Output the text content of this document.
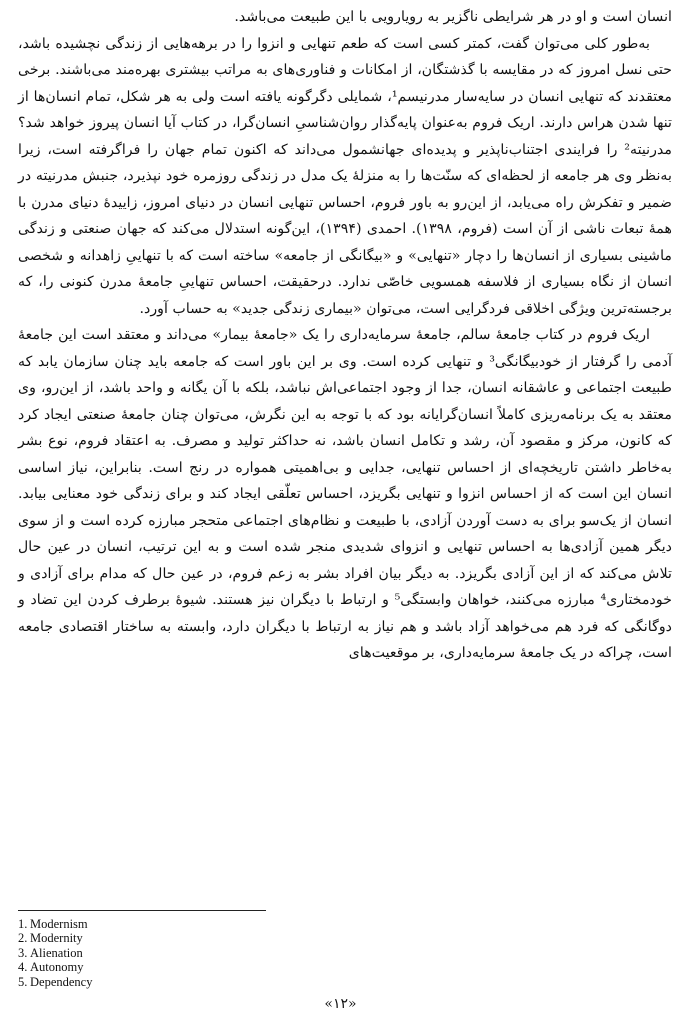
انسان است و او در هر شرایطی ناگزیر به رویارویی با این طبیعت می‌باشد.

به‌طور کلی می‌توان گفت، کمتر کسی است که طعم تنهایی و انزوا را در برهه‌هایی از زندگی نچشیده باشد، حتی نسل امروز که در مقایسه با گذشتگان، از امکانات و فناوری‌های به مراتب بیشتری بهره‌مند می‌باشند. برخی معتقدند که تنهایی انسان در سایه‌سار مدرنیسم¹، شمایلی دگرگونه یافته است ولی به هر شکل، تمام انسان‌ها از تنها شدن هراس دارند. اریک فروم به‌عنوان پایه‌گذار روان‌شناسیِ انسان‌گرا، در کتاب آیا انسان پیروز خواهد شد؟ مدرنیته² را فرایندی اجتناب‌ناپذیر و پدیده‌ای جهانشمول می‌داند که اکنون تمام جهان را فراگرفته است، زیرا به‌نظر وی هر جامعه از لحظه‌ای که سنّت‌ها را به منزلهٔ یک مدل در زندگی روزمره خود نپذیرد، جنبش مدرنیته در ضمیر و تفکرش راه می‌یابد، از این‌رو به باور فروم، احساس تنهایی انسان در دنیای امروز، زاییدهٔ دنیای مدرن با همهٔ تبعات ناشی از آن است (فروم، ۱۳۹۸). احمدی (۱۳۹۴)، این‌گونه استدلال می‌کند که جهان صنعتی و زندگی ماشینی بسیاری از انسان‌ها را دچار «تنهایی» و «بیگانگی از جامعه» ساخته است که با تنهاییِ زاهدانه و شخصی انسان از نگاه بسیاری از فلاسفه همسویی خاصّی ندارد. درحقیقت، احساس تنهاییِ جامعهٔ مدرن کنونی را، که برجسته‌ترین ویژگی اخلاقی فردگرایی است، می‌توان «بیماری زندگی جدید» به حساب آورد.

اریک فروم در کتاب جامعهٔ سالم، جامعهٔ سرمایه‌داری را یک «جامعهٔ بیمار» می‌داند و معتقد است این جامعهٔ آدمی را گرفتار از خودبیگانگی³ و تنهایی کرده است. وی بر این باور است که جامعه باید چنان سازمان یابد که طبیعت اجتماعی و عاشقانه انسان، جدا از وجود اجتماعی‌اش نباشد، بلکه با آن یگانه و واحد باشد، از این‌رو، وی معتقد به یک برنامه‌ریزی کاملاً انسان‌گرایانه بود که با توجه به این نگرش، می‌توان چنان جامعهٔ صنعتی ایجاد کرد که کانون، مرکز و مقصود آن، رشد و تکامل انسان باشد، نه حداکثر تولید و مصرف. به اعتقاد فروم، نوع بشر به‌خاطر داشتن تاریخچه‌ای از احساس تنهایی، جدایی و بی‌اهمیتی همواره در رنج است. بنابراین، نیاز اساسی انسان این است که از احساس انزوا و تنهایی بگریزد، احساس تعلّقی ایجاد کند و برای زندگی خود معنایی بیابد. انسان از یک‌سو برای به دست آوردن آزادی، با طبیعت و نظام‌های اجتماعی متحجر مبارزه کرده است و از سوی دیگر همین آزادی‌ها به احساس تنهایی و انزوای شدیدی منجر شده است و به این ترتیب، انسان در عین حال تلاش می‌کند که از این آزادی بگریزد. به دیگر بیان افراد بشر به زعم فروم، در عین حال که مدام برای آزادی و خودمختاری⁴ مبارزه می‌کنند، خواهان وابستگی⁵ و ارتباط با دیگران نیز هستند. شیوهٔ برطرف کردن این تضاد و دوگانگی که فرد هم می‌خواهد آزاد باشد و هم نیاز به ارتباط با دیگران دارد، وابسته به ساختار اقتصادی جامعه است، چراکه در یک جامعهٔ سرمایه‌داری، بر موقعیت‌های

1. Modernism
2. Modernity
3. Alienation
4. Autonomy
5. Dependency
«۱۲»
